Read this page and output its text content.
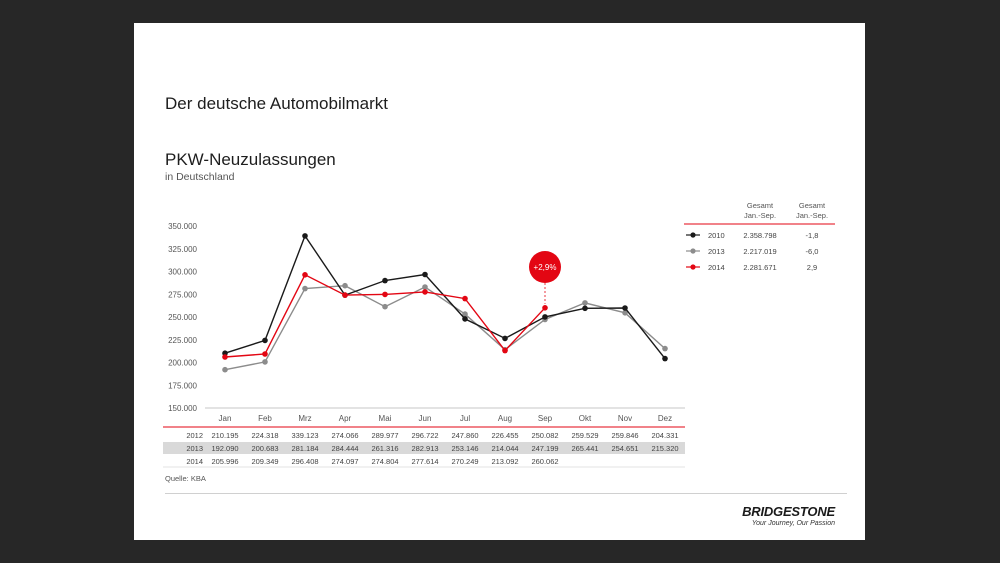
Der deutsche Automobilmarkt
PKW-Neuzulassungen
in Deutschland
BRIDGESTONE
Your Journey, Our Passion
150.000
175.000
200.000
225.000
250.000
275.000
300.000
325.000
350.000
Jan	Feb	Mrz	Apr	Mai	Jun	Jul	Aug	Sep	Okt	Nov	Dez
+2,9%
2012 210.195 224.318 339.123 274.066 289.977 296.722 247.860 226.455 250.082 259.529 259.846 204.331
2013 192.090 200.683 281.184 284.444 261.316 282.913 253.146 214.044 247.199 265.441 254.651 215.320
2014 205.996 209.349 296.408 274.097 274.804 277.614 270.249 213.092 260.062
Quelle: KBA
Gesamt
Jan.-Sep.
Gesamt
Jan.-Sep.
2010 2.358.798	-1,8
2013 2.217.019	-6,0
2014 2.281.671	2,9
